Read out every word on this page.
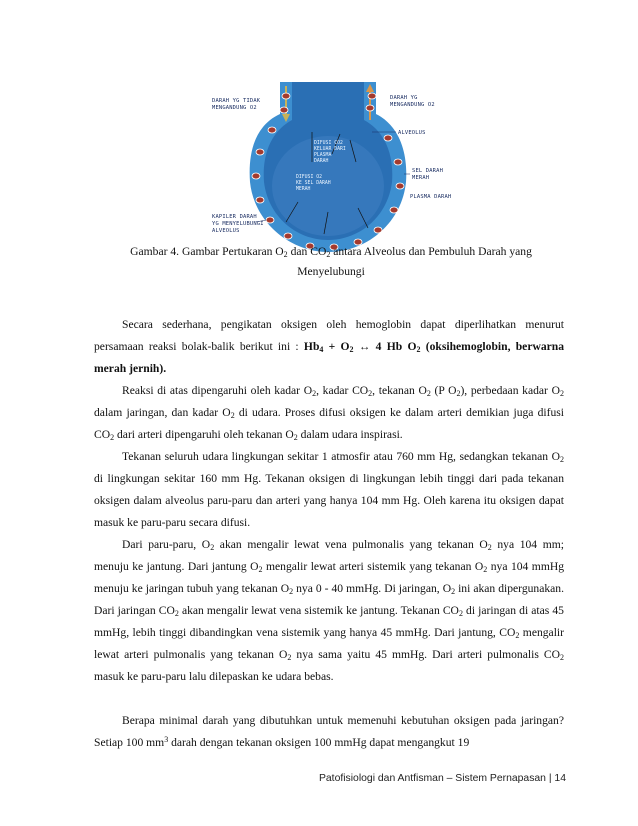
DIFUSI CO2 KELUAR DARI PLASMA DARAH
DIFUSI O2 KE SEL DARAH MERAH
DARAH YG TIDAK MENGANDUNG O2
DARAH YG MENGANDUNG O2
ALVEOLUS
SEL DARAH MERAH
PLASMA DARAH
KAPILER DARAH YG MENYELUBUNGI ALVEOLUS
Gambar 4. Gambar Pertukaran $O_2$ dan $CO_2$ antara Alveolus dan Pembuluh Darah yang
Menyelubungi

Secara sederhana, pengikatan oksigen oleh hemoglobin dapat diperlihatkan menurut persamaan reaksi bolak-balik berikut ini : $Hb_4 + O_2$ ↔ 4 Hb $O_2$ (oksihemoglobin, berwarna merah jernih).

Reaksi di atas dipengaruhi oleh kadar $O_2$, kadar $CO_2$, tekanan $O_2$ (P $O_2$), perbedaan kadar $O_2$ dalam jaringan, dan kadar $O_2$ di udara. Proses difusi oksigen ke dalam arteri demikian juga difusi $CO_2$ dari arteri dipengaruhi oleh tekanan $O_2$ dalam udara inspirasi.

Tekanan seluruh udara lingkungan sekitar 1 atmosfir atau 760 mm Hg, sedangkan tekanan $O_2$ di lingkungan sekitar 160 mm Hg. Tekanan oksigen di lingkungan lebih tinggi dari pada tekanan oksigen dalam alveolus paru-paru dan arteri yang hanya 104 mm Hg. Oleh karena itu oksigen dapat masuk ke paru-paru secara difusi.

Dari paru-paru, $O_2$ akan mengalir lewat vena pulmonalis yang tekanan $O_2$ nya 104 mm; menuju ke jantung. Dari jantung $O_2$ mengalir lewat arteri sistemik yang tekanan $O_2$ nya 104 mmHg menuju ke jaringan tubuh yang tekanan $O_2$ nya 0 - 40 mmHg. Di jaringan, $O_2$ ini akan dipergunakan. Dari jaringan $CO_2$ akan mengalir lewat vena sistemik ke jantung. Tekanan $CO_2$ di jaringan di atas 45 mmHg, lebih tinggi dibandingkan vena sistemik yang hanya 45 mmHg. Dari jantung, $CO_2$ mengalir lewat arteri pulmonalis yang tekanan $O_2$ nya sama yaitu 45 mmHg. Dari arteri pulmonalis $CO_2$ masuk ke paru-paru lalu dilepaskan ke udara bebas.

Berapa minimal darah yang dibutuhkan untuk memenuhi kebutuhan oksigen pada jaringan? Setiap 100 $mm^3$ darah dengan tekanan oksigen 100 mmHg dapat mengangkut 19

Patofisiologi dan Antfisman – Sistem Pernapasan | 14
